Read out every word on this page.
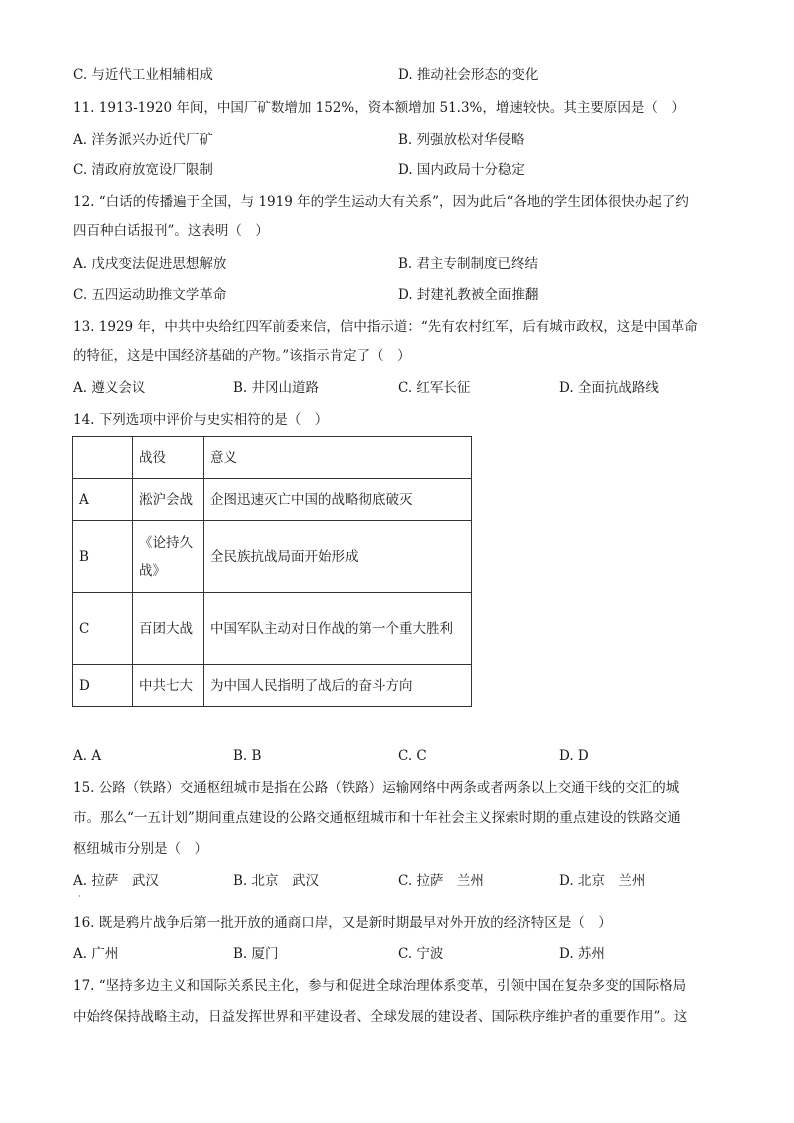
C. 与近代工业相辅相成	D. 推动社会形态的变化
11. 1913-1920 年间，中国厂矿数增加 152%，资本额增加 51.3%，增速较快。其主要原因是（　）
A. 洋务派兴办近代厂矿	B. 列强放松对华侵略
C. 清政府放宽设厂限制	D. 国内政局十分稳定
12. “白话的传播遍于全国，与 1919 年的学生运动大有关系”，因为此后“各地的学生团体很快办起了约
四百种白话报刊”。这表明（　）
A. 戊戌变法促进思想解放	B. 君主专制制度已终结
C. 五四运动助推文学革命	D. 封建礼教被全面推翻
13. 1929 年，中共中央给红四军前委来信，信中指示道：“先有农村红军，后有城市政权，这是中国革命
的特征，这是中国经济基础的产物。”该指示肯定了（　）
A. 遵义会议	B. 井冈山道路	C. 红军长征	D. 全面抗战路线
14. 下列选项中评价与史实相符的是（　）
	战役	意义
A	淞沪会战	企图迅速灭亡中国的战略彻底破灭
B	《论持久战》	全民族抗战局面开始形成
C	百团大战	中国军队主动对日作战的第一个重大胜利
D	中共七大	为中国人民指明了战后的奋斗方向
A. A	B. B	C. C	D. D
15. 公路（铁路）交通枢纽城市是指在公路（铁路）运输网络中两条或者两条以上交通干线的交汇的城
市。那么“一五计划”期间重点建设的公路交通枢纽城市和十年社会主义探索时期的重点建设的铁路交通
枢纽城市分别是（　）
A. 拉萨　武汉	B. 北京　武汉	C. 拉萨　兰州	D. 北京　兰州
·
16. 既是鸦片战争后第一批开放的通商口岸，又是新时期最早对外开放的经济特区是（　）
A. 广州	B. 厦门	C. 宁波	D. 苏州
17. “坚持多边主义和国际关系民主化，参与和促进全球治理体系变革，引领中国在复杂多变的国际格局
中始终保持战略主动，日益发挥世界和平建设者、全球发展的建设者、国际秩序维护者的重要作用”。这
